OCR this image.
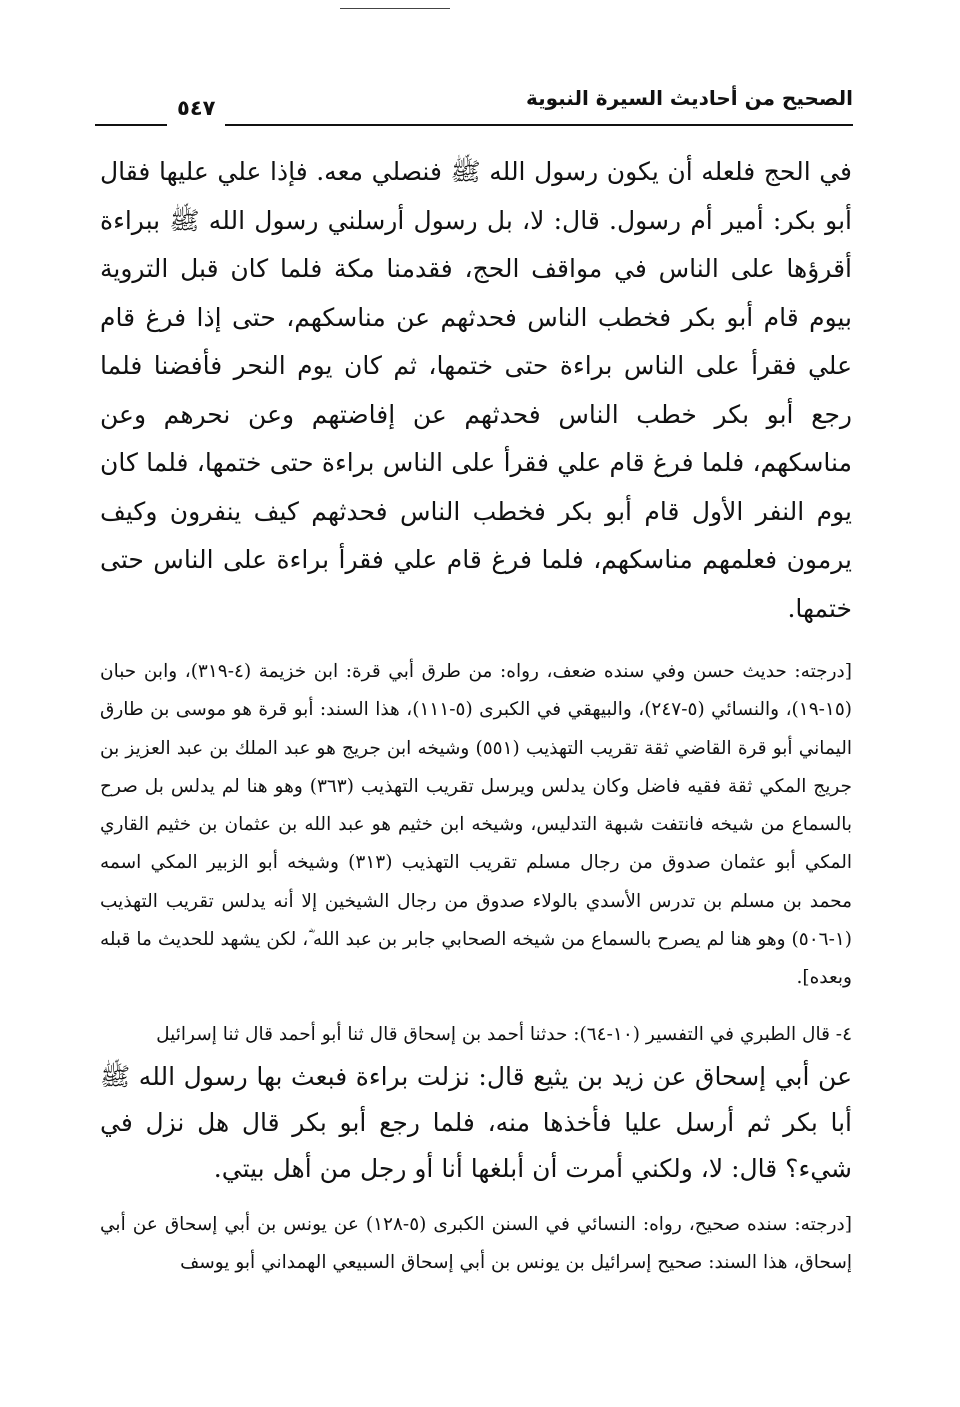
الصحيح من أحاديث السيرة النبوية
٥٤٧

في الحج فلعله أن يكون رسول الله ﷺ فنصلي معه. فإذا علي عليها فقال أبو بكر: أمير أم رسول. قال: لا، بل رسول أرسلني رسول الله ﷺ ببراءة أقرؤها على الناس في مواقف الحج، فقدمنا مكة فلما كان قبل التروية بيوم قام أبو بكر فخطب الناس فحدثهم عن مناسكهم، حتى إذا فرغ قام علي فقرأ على الناس براءة حتى ختمها، ثم كان يوم النحر فأفضنا فلما رجع أبو بكر خطب الناس فحدثهم عن إفاضتهم وعن نحرهم وعن مناسكهم، فلما فرغ قام علي فقرأ على الناس براءة حتى ختمها، فلما كان يوم النفر الأول قام أبو بكر فخطب الناس فحدثهم كيف ينفرون وكيف يرمون فعلمهم مناسكهم، فلما فرغ قام علي فقرأ براءة على الناس حتى ختمها.

[درجته: حديث حسن وفي سنده ضعف، رواه: من طرق أبي قرة: ابن خزيمة (٤-٣١٩)، وابن حبان (١٥-١٩)، والنسائي (٥-٢٤٧)، والبيهقي في الكبرى (٥-١١١)، هذا السند: أبو قرة هو موسى بن طارق اليماني أبو قرة القاضي ثقة تقريب التهذيب (٥٥١) وشيخه ابن جريج هو عبد الملك بن عبد العزيز بن جريج المكي ثقة فقيه فاضل وكان يدلس ويرسل تقريب التهذيب (٣٦٣) وهو هنا لم يدلس بل صرح بالسماع من شيخه فانتفت شبهة التدليس، وشيخه ابن خثيم هو عبد الله بن عثمان بن خثيم القاري المكي أبو عثمان صدوق من رجال مسلم تقريب التهذيب (٣١٣) وشيخه أبو الزبير المكي اسمه محمد بن مسلم بن تدرس الأسدي بالولاء صدوق من رجال الشيخين إلا أنه يدلس تقريب التهذيب (١-٥٠٦) وهو هنا لم يصرح بالسماع من شيخه الصحابي جابر بن عبد الله ؓ، لكن يشهد للحديث ما قبله وبعده].

٤- قال الطبري في التفسير (١٠-٦٤): حدثنا أحمد بن إسحاق قال ثنا أبو أحمد قال ثنا إسرائيل
عن أبي إسحاق عن زيد بن يثيع قال: نزلت براءة فبعث بها رسول الله ﷺ أبا بكر ثم أرسل عليا فأخذها منه، فلما رجع أبو بكر قال هل نزل في شيء؟ قال: لا، ولكني أمرت أن أبلغها أنا أو رجل من أهل بيتي.

[درجته: سنده صحيح، رواه: النسائي في السنن الكبرى (٥-١٢٨) عن يونس بن أبي إسحاق عن أبي إسحاق، هذا السند: صحيح إسرائيل بن يونس بن أبي إسحاق السبيعي الهمداني أبو يوسف
